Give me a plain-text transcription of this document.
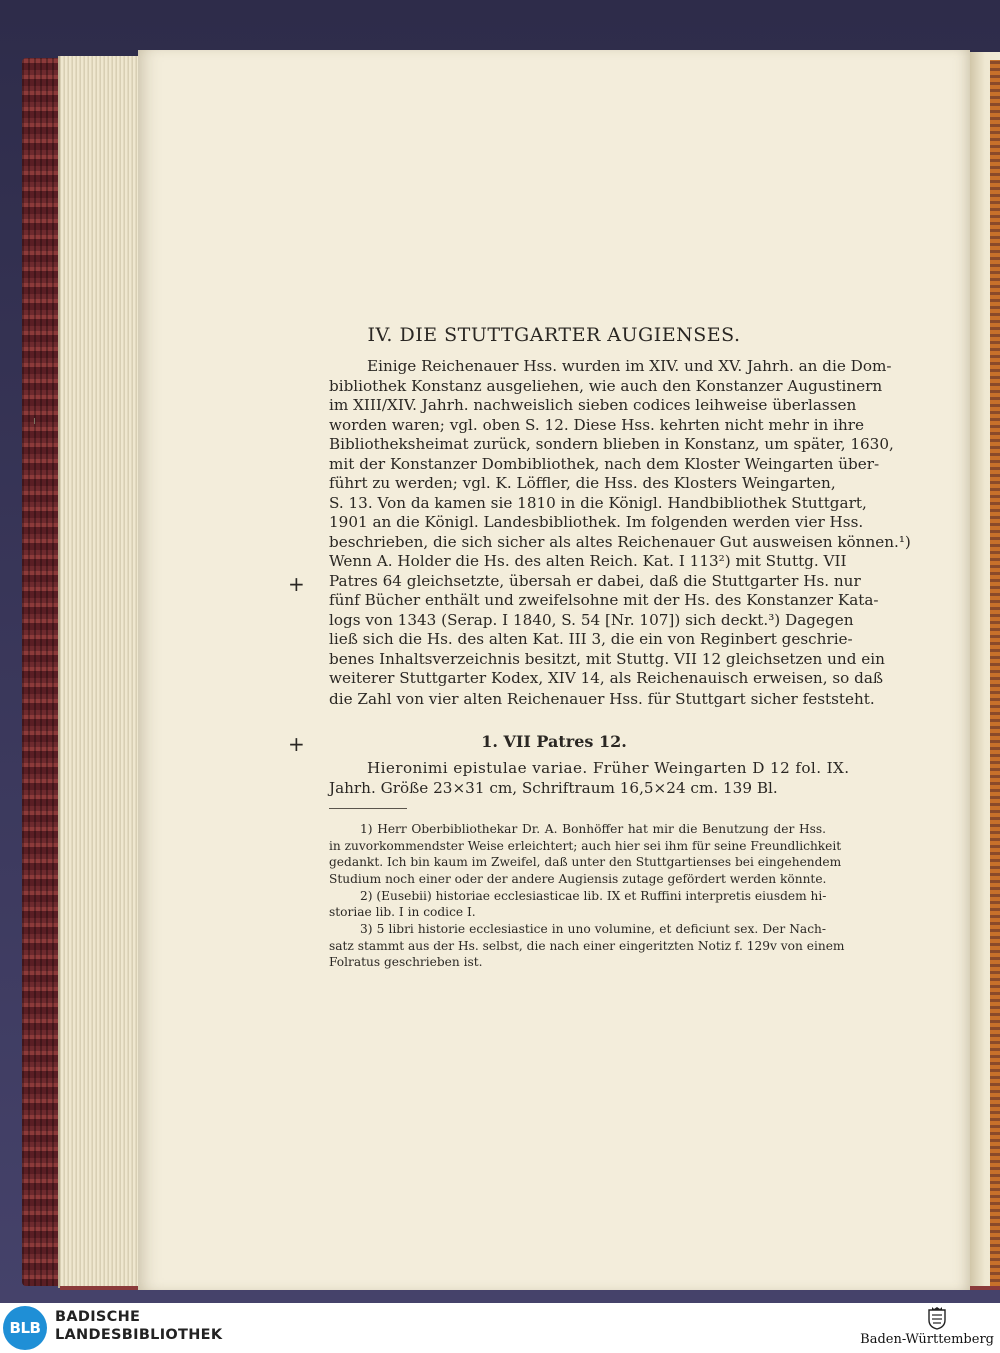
IV. DIE STUTTGARTER AUGIENSES.
Einige Reichenauer Hss. wurden im XIV. und XV. Jahrh. an die Dom-
bibliothek Konstanz ausgeliehen, wie auch den Konstanzer Augustinern
im XIII/XIV. Jahrh. nachweislich sieben codices leihweise überlassen
worden waren; vgl. oben S. 12. Diese Hss. kehrten nicht mehr in ihre
Bibliotheksheimat zurück, sondern blieben in Konstanz, um später, 1630,
mit der Konstanzer Dombibliothek, nach dem Kloster Weingarten über-
führt zu werden; vgl. K. Löffler, die Hss. des Klosters Weingarten,
S. 13. Von da kamen sie 1810 in die Königl. Handbibliothek Stuttgart,
1901 an die Königl. Landesbibliothek. Im folgenden werden vier Hss.
beschrieben, die sich sicher als altes Reichenauer Gut ausweisen können.¹)
Wenn A. Holder die Hs. des alten Reich. Kat. I 113²) mit Stuttg. VII
Patres 64 gleichsetzte, übersah er dabei, daß die Stuttgarter Hs. nur
fünf Bücher enthält und zweifelsohne mit der Hs. des Konstanzer Kata-
logs von 1343 (Serap. I 1840, S. 54 [Nr. 107]) sich deckt.³) Dagegen
ließ sich die Hs. des alten Kat. III 3, die ein von Reginbert geschrie-
benes Inhaltsverzeichnis besitzt, mit Stuttg. VII 12 gleichsetzen und ein
weiterer Stuttgarter Kodex, XIV 14, als Reichenauisch erweisen, so daß
die Zahl von vier alten Reichenauer Hss. für Stuttgart sicher feststeht.
1. VII Patres 12.
Hieronimi epistulae variae. Früher Weingarten D 12 fol. IX.
Jahrh. Größe 23×31 cm, Schriftraum 16,5×24 cm. 139 Bl.
1) Herr Oberbibliothekar Dr. A. Bonhöffer hat mir die Benutzung der Hss.
in zuvorkommendster Weise erleichtert; auch hier sei ihm für seine Freundlichkeit
gedankt. Ich bin kaum im Zweifel, daß unter den Stuttgartienses bei eingehendem
Studium noch einer oder der andere Augiensis zutage gefördert werden könnte.
2) (Eusebii) historiae ecclesiasticae lib. IX et Ruffini interpretis eiusdem hi-
storiae lib. I in codice I.
3) 5 libri historie ecclesiastice in uno volumine, et deficiunt sex. Der Nach-
satz stammt aus der Hs. selbst, die nach einer eingeritzten Notiz f. 129v von einem
Folratus geschrieben ist.
+
+
BLB
BADISCHE
LANDESBIBLIOTHEK	Baden-Württemberg
